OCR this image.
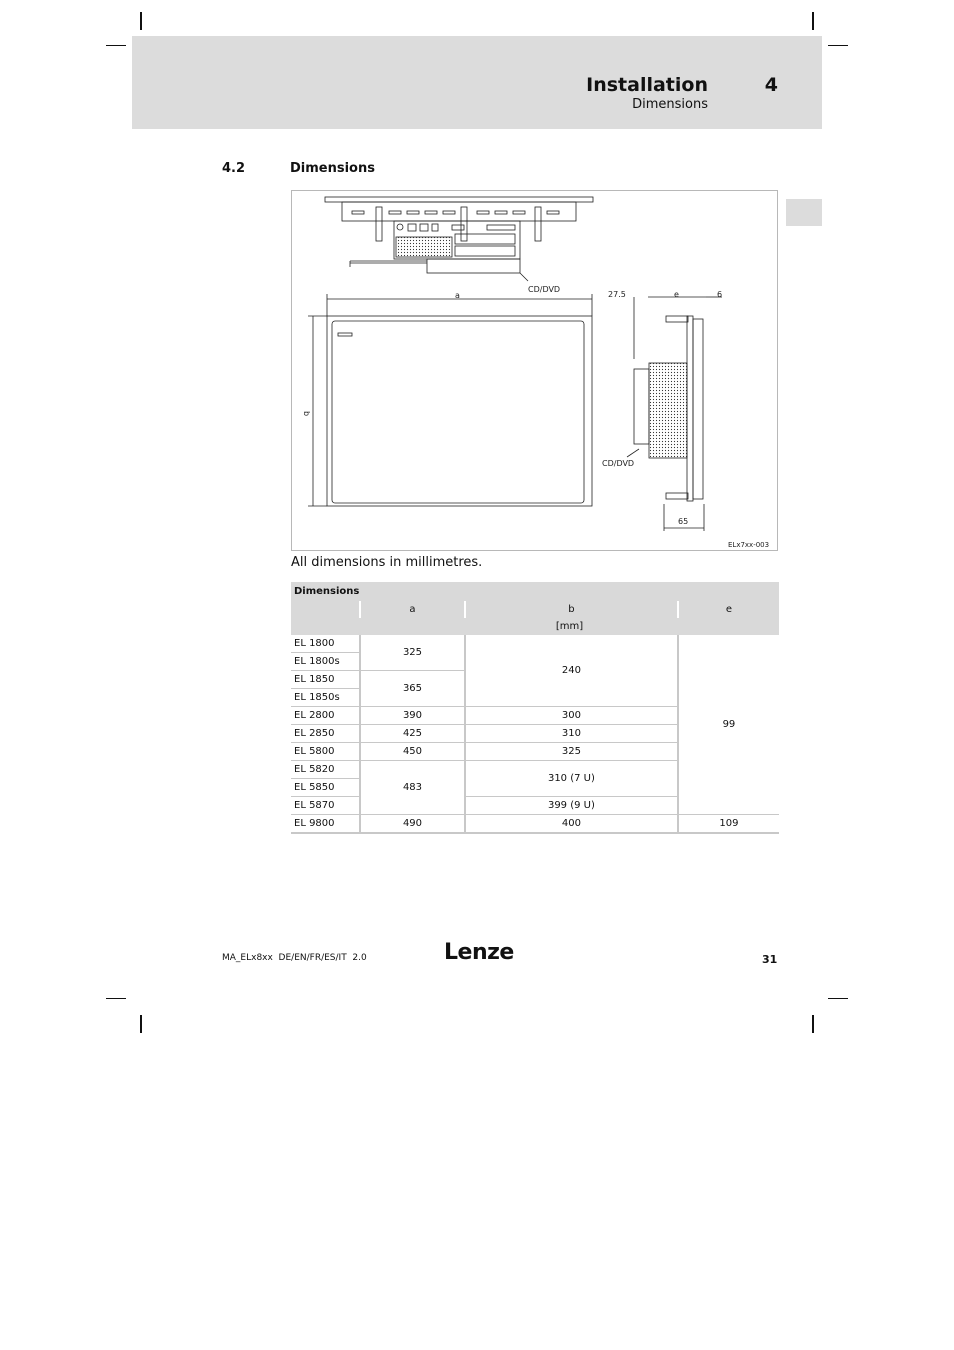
Installation	4
Dimensions
4.2	Dimensions
CD/DVD
a
b
27.5	e	6
CD/DVD
65
ELx7xx-003
All dimensions in millimetres.
Dimensions			
	a	b	e
	[mm]		
EL 1800	325	240	99
EL 1800s			
EL 1850	365		
EL 1850s			
EL 2800	390	300	
EL 2850	425	310	
EL 5800	450	325	
EL 5820	483	310 (7 U)	
EL 5850			
EL 5870		399 (9 U)	
EL 9800	490	400	109
MA_ELx8xx  DE/EN/FR/ES/IT  2.0	Lenze	31
